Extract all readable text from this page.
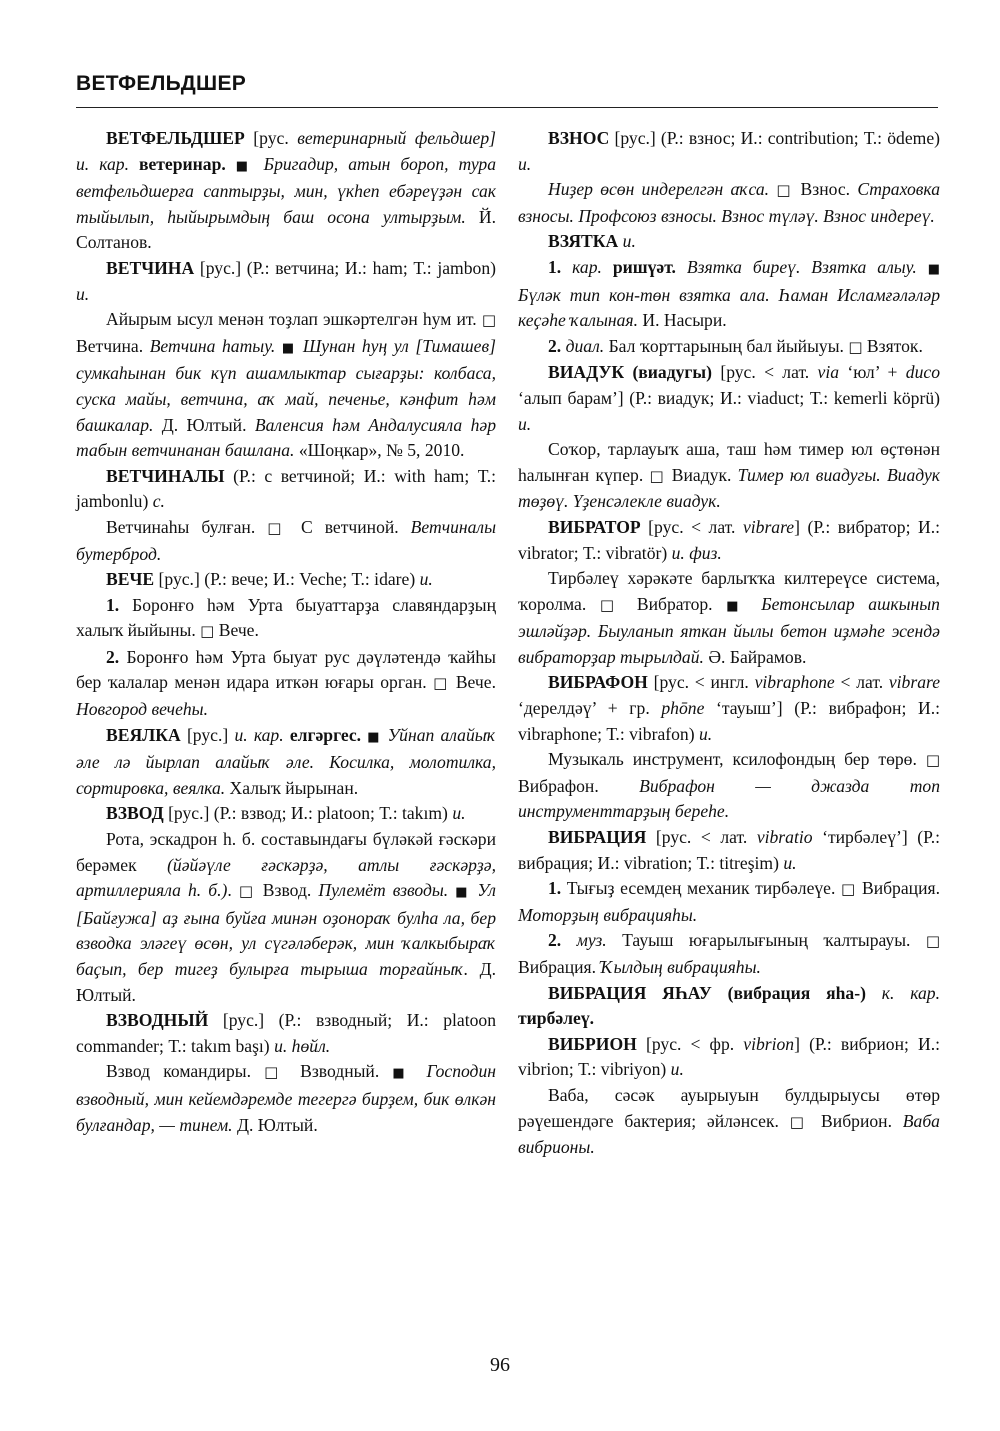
ВЕТФЕЛЬДШЕР

ВЕТФЕЛЬДШЕР [рус. ветеринарный фельдшер] и. кар. ветеринар. ■ Бригадир, атын бороп, тура ветфельдшерға саптырҙы, мин, үкһеп ебәреүҙән сак тыйылып, һыйырымдың баш осона ултырҙым. Й. Солтанов.

ВЕТЧИНА [рус.] (Р.: ветчина; И.: ham; Т.: jambon) и.

Айырым ысул менән тоҙлап эшкәртелгән һум ит. □ Ветчина. Ветчина һатыу. ■ Шунан һуң ул [Тимашев] сумкаһынан бик күп ашамлыктар сығарҙы: колбаса, суска майы, ветчина, аҡ май, печенье, кәнфит һәм башкалар. Д. Юлтый. Валенсия һәм Андалусияла һәр табын ветчинанан башлана. «Шоңкар», № 5, 2010.

ВЕТЧИНАЛЫ (Р.: с ветчиной; И.: with ham; Т.: jambonlu) с.

Ветчинаһы булған. □ С ветчиной. Ветчиналы бутерброд.

ВЕЧЕ [рус.] (Р.: вече; И.: Veche; Т.: idare) и.

1. Боронғо һәм Урта быуаттарҙа славяндарҙың халыҡ йыйыны. □ Вече.

2. Боронғо һәм Урта быуат рус дәүләтендә ҡайһы бер ҡалалар менән идара иткән юғары орган. □ Вече. Новгород вечеһы.

ВЕЯЛКА [рус.] и. кар. елгәргес. ■ Уйнап алайыҡ әле лә йырлап алайыҡ әле. Косилка, молотилка, сортировка, веялка. Халыҡ йырынан.

ВЗВОД [рус.] (Р.: взвод; И.: platoon; Т.: takım) и.

Рота, эскадрон һ. б. составындағы бүләкәй ғәскәри берәмек (йәйәүле ғәскәрҙә, атлы ғәскәрҙә, артиллерияла һ. б.). □ Взвод. Пулемёт взводы. ■ Ул [Байғужа] аҙ ғына буйға минән оҙонораҡ булһа ла, бер взводка эләгеү өсөн, ул сүгәләберәк, мин ҡалкыбыраҡ баҫып, бер тигеҙ булырға тырыша торғайныҡ. Д. Юлтый.

ВЗВОДНЫЙ [рус.] (Р.: взводный; И.: platoon commander; Т.: takım başı) и. һөйл.

Взвод командиры. □ Взводный. ■ Господин взводный, мин кейемдәремде тегергә бирҙем, бик өлкән булғандар, — тинем. Д. Юлтый.

ВЗНОС [рус.] (Р.: взнос; И.: contribution; Т.: ödeme) и.

Ниҙер өсөн индерелгән аҡса. □ Взнос. Страховка взносы. Профсоюз взносы. Взнос түләү. Взнос индереү.

ВЗЯТКА и.

1. кар. ришүәт. Взятка биреү. Взятка алыу. ■ Бүләк тип кон-төн взятка ала. Һаман Исламғәләләр кеҫәһе ҡалыная. И. Насыри.

2. диал. Бал ҡорттарының бал йыйыуы. □ Взяток.

ВИАДУК (виадугы) [рус. < лат. via ‘юл’ + duco ‘алып барам’] (Р.: виадук; И.: viaduct; Т.: kemerli köprü) и.

Соҡор, тарлауыҡ аша, таш һәм тимер юл өҫтөнән һалынған күпер. □ Виадук. Тимер юл виадугы. Виадук төҙөү. Үҙенсәлекле виадук.

ВИБРАТОР [рус. < лат. vibrare] (Р.: вибратор; И.: vibrator; Т.: vibratör) и. физ.

Тирбәлеү хәрәкәте барлыҡҡа килтереүсе система, ҡоролма. □ Вибратор. ■ Бетонсылар ашкынып эшләйҙәр. Быуланып яткан йылы бетон иҙмәһе эсендә вибраторҙар тырылдай. Ә. Байрамов.

ВИБРАФОН [рус. < ингл. vibraphone < лат. vibrare ‘дерелдәү’ + гр. phōne ‘тауыш’] (Р.: вибрафон; И.: vibraphone; Т.: vibrafon) и.

Музыкаль инструмент, ксилофондың бер төрө. □ Вибрафон. Вибрафон — джазда топ инструменттарҙың береһе.

ВИБРАЦИЯ [рус. < лат. vibratio ‘тирбәлеү’] (Р.: вибрация; И.: vibration; Т.: titreşim) и.

1. Тығыҙ есемдең механик тирбәлеүе. □ Вибрация. Моторҙың вибрацияһы.

2. муз. Тауыш юғарылығының ҡалтырауы. □ Вибрация. Ҡылдың вибрацияһы.

ВИБРАЦИЯ ЯҺАУ (вибрация яһа-) к. кар. тирбәлеү.

ВИБРИОН [рус. < фр. vibrion] (Р.: вибрион; И.: vibrion; Т.: vibriyon) и.

Ваба, сәсәк ауырыуын булдырыусы өтөр рәүешендәге бактерия; әйләнсек. □ Вибрион. Ваба вибрионы.

96
